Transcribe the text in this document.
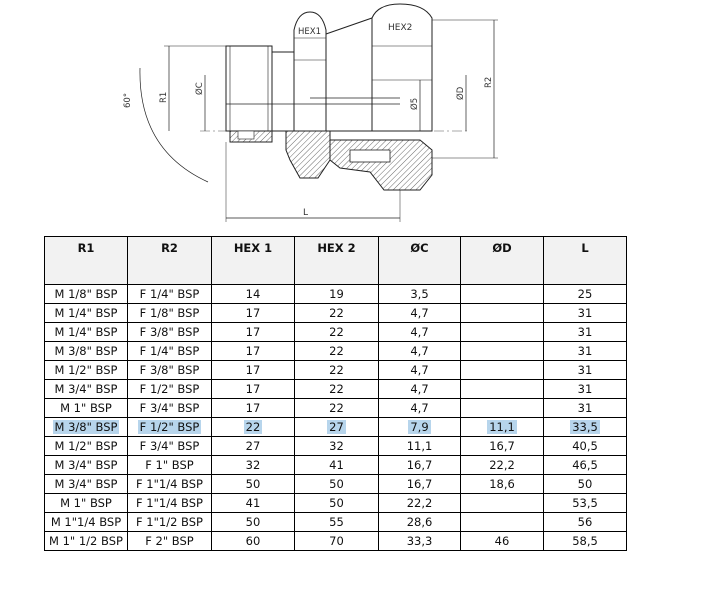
HEX1	HEX2
60°	R1
ØC
Ø5
ØD
R2
L
R1	R2	HEX 1	HEX 2	ØC	ØD	L
M 1/8" BSP	F 1/4" BSP	14	19	3,5		25
M 1/4" BSP	F 1/8" BSP	17	22	4,7		31
M 1/4" BSP	F 3/8" BSP	17	22	4,7		31
M 3/8" BSP	F 1/4" BSP	17	22	4,7		31
M 1/2" BSP	F 3/8" BSP	17	22	4,7		31
M 3/4" BSP	F 1/2" BSP	17	22	4,7		31
M 1" BSP	F 3/4" BSP	17	22	4,7		31
M 3/8" BSP	F 1/2" BSP	22	27	7,9	11,1	33,5
M 1/2" BSP	F 3/4" BSP	27	32	11,1	16,7	40,5
M 3/4" BSP	F 1" BSP	32	41	16,7	22,2	46,5
M 3/4" BSP	F 1"1/4 BSP	50	50	16,7	18,6	50
M 1" BSP	F 1"1/4 BSP	41	50	22,2		53,5
M 1"1/4 BSP	F 1"1/2 BSP	50	55	28,6		56
M 1" 1/2 BSP	F 2" BSP	60	70	33,3	46	58,5
